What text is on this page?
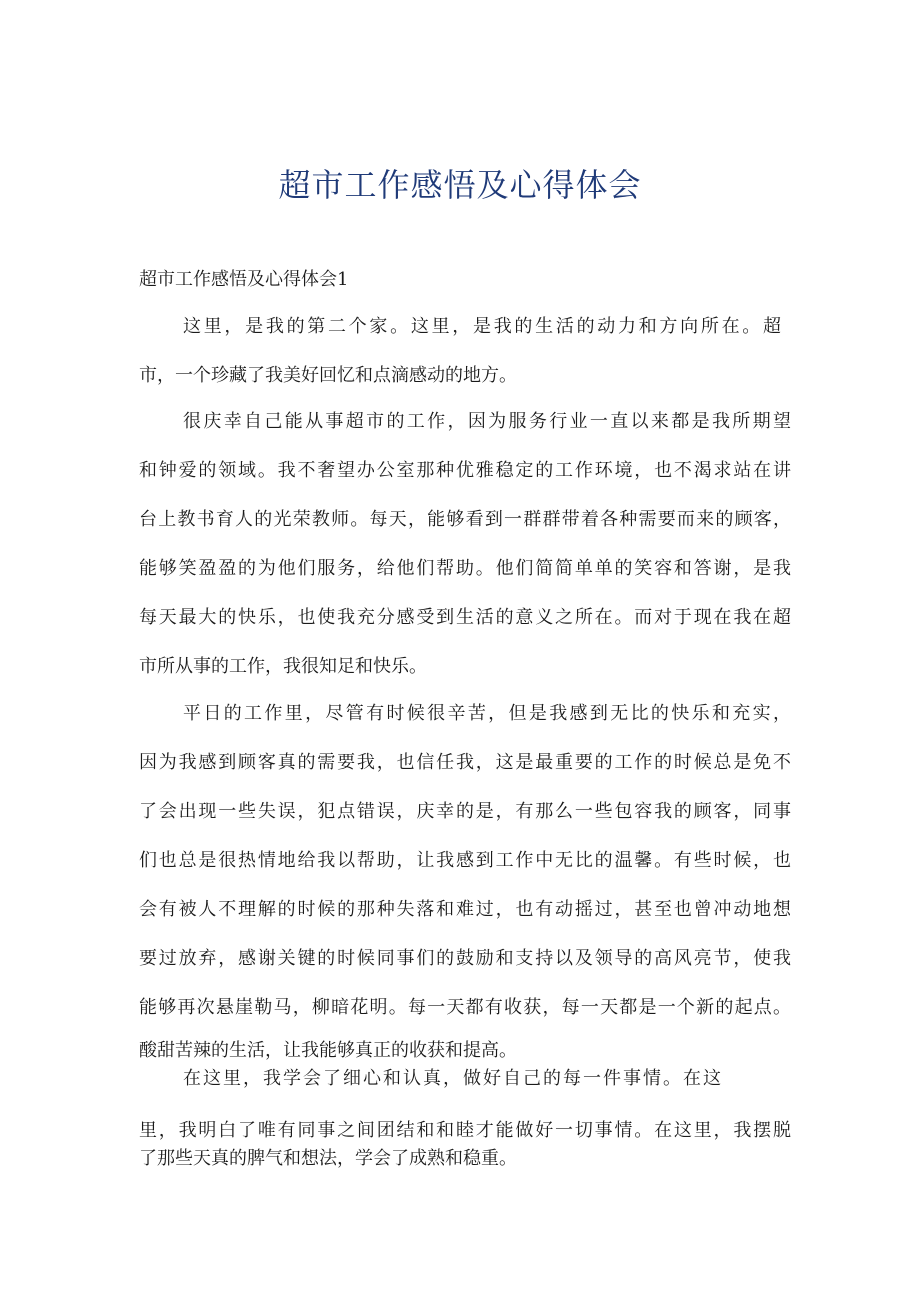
超市工作感悟及心得体会
超市工作感悟及心得体会1

这里，是我的第二个家。这里，是我的生活的动力和方向所在。超
市，一个珍藏了我美好回忆和点滴感动的地方。

很庆幸自己能从事超市的工作，因为服务行业一直以来都是我所期望
和钟爱的领域。我不奢望办公室那种优雅稳定的工作环境，也不渴求站在讲
台上教书育人的光荣教师。每天，能够看到一群群带着各种需要而来的顾客，
能够笑盈盈的为他们服务，给他们帮助。他们简简单单的笑容和答谢，是我
每天最大的快乐，也使我充分感受到生活的意义之所在。而对于现在我在超
市所从事的工作，我很知足和快乐。

平日的工作里，尽管有时候很辛苦，但是我感到无比的快乐和充实，
因为我感到顾客真的需要我，也信任我，这是最重要的工作的时候总是免不
了会出现一些失误，犯点错误，庆幸的是，有那么一些包容我的顾客，同事
们也总是很热情地给我以帮助，让我感到工作中无比的温馨。有些时候，也
会有被人不理解的时候的那种失落和难过，也有动摇过，甚至也曾冲动地想
要过放弃，感谢关键的时候同事们的鼓励和支持以及领导的高风亮节，使我
能够再次悬崖勒马，柳暗花明。每一天都有收获，每一天都是一个新的起点。
酸甜苦辣的生活，让我能够真正的收获和提高。

在这里，我学会了细心和认真，做好自己的每一件事情。在这
里，我明白了唯有同事之间团结和和睦才能做好一切事情。在这里，我摆脱
了那些天真的脾气和想法，学会了成熟和稳重。
